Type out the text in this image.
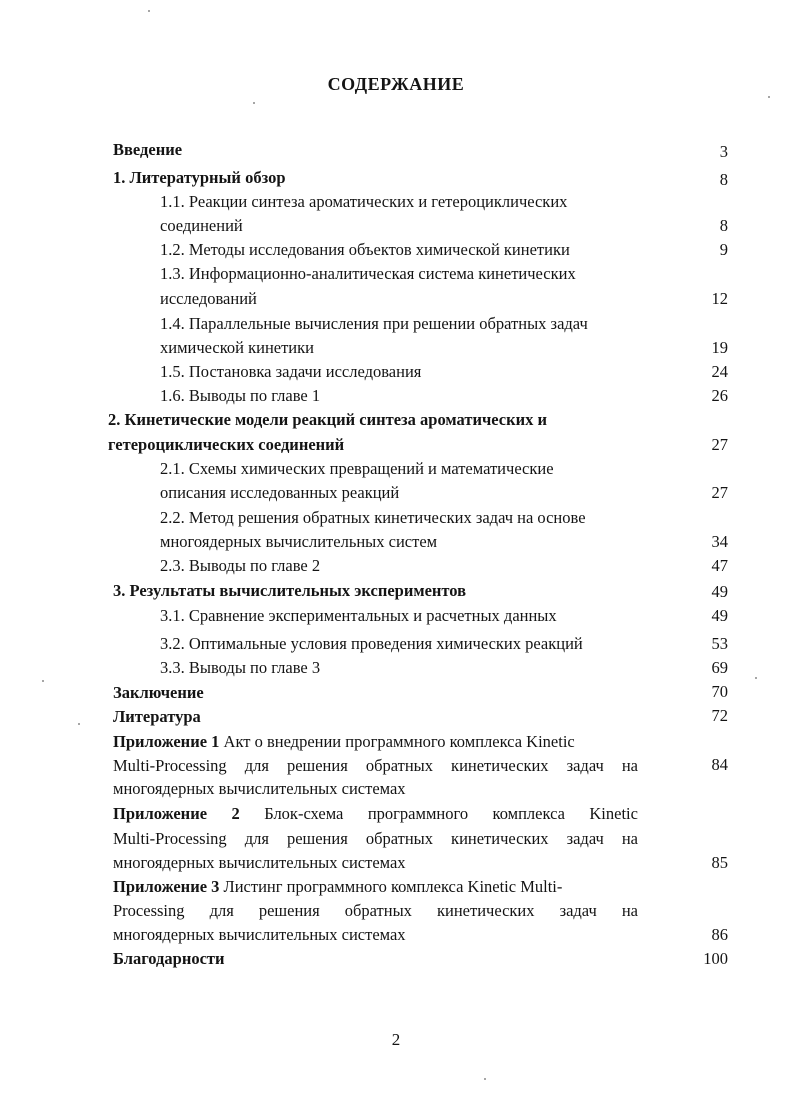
СОДЕРЖАНИЕ
Введение	3
1. Литературный обзор	8
1.1. Реакции синтеза ароматических и гетероциклических
соединений	8
1.2. Методы исследования объектов химической кинетики	9
1.3. Информационно-аналитическая система кинетических
исследований	12
1.4. Параллельные вычисления при решении обратных задач
химической кинетики	19
1.5. Постановка задачи исследования	24
1.6. Выводы по главе 1	26
2. Кинетические модели реакций синтеза ароматических и
гетероциклических соединений	27
2.1. Схемы химических превращений и математические
описания исследованных реакций	27
2.2. Метод решения обратных кинетических задач на основе
многоядерных вычислительных систем	34
2.3. Выводы по главе 2	47
3. Результаты вычислительных экспериментов	49
3.1. Сравнение экспериментальных и расчетных данных	49
3.2. Оптимальные условия проведения химических реакций	53
3.3. Выводы по главе 3	69
Заключение	70
Литература	72
Приложение 1 Акт о внедрении программного комплекса Kinetic
Multi-Processing для решения обратных кинетических задач на	84
многоядерных вычислительных системах
Приложение 2 Блок-схема программного комплекса Kinetic
Multi-Processing для решения обратных кинетических задач на
многоядерных вычислительных системах	85
Приложение 3 Листинг программного комплекса Kinetic Multi-
Processing для решения обратных кинетических задач на
многоядерных вычислительных системах	86
Благодарности	100
2
